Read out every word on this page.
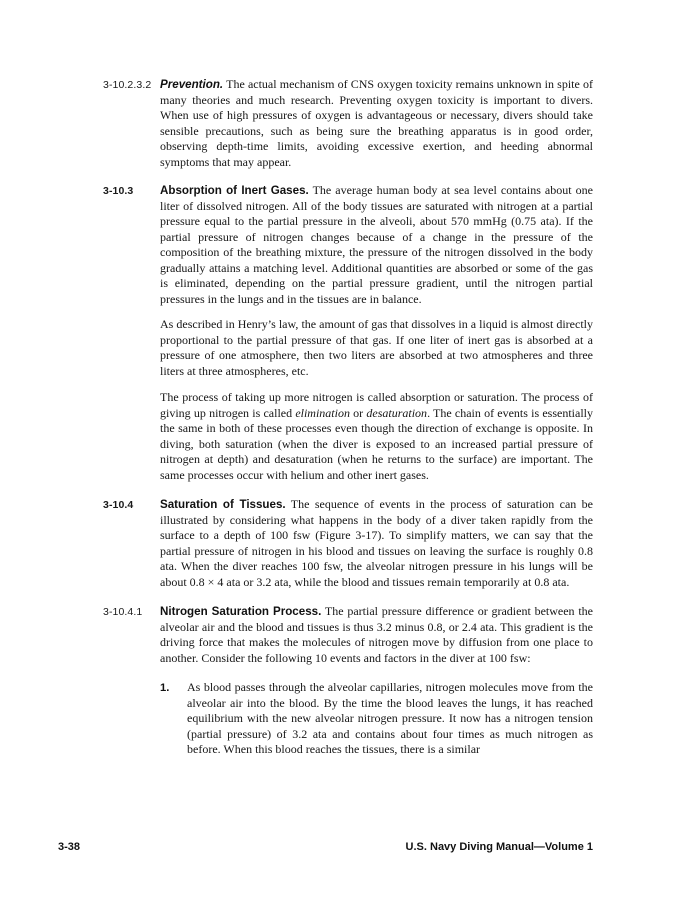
3-10.2.3.2 Prevention. The actual mechanism of CNS oxygen toxicity remains unknown in spite of many theories and much research. Preventing oxygen toxicity is important to divers. When use of high pressures of oxygen is advantageous or necessary, divers should take sensible precautions, such as being sure the breathing apparatus is in good order, observing depth-time limits, avoiding excessive exertion, and heeding abnormal symptoms that may appear.
3-10.3	Absorption of Inert Gases. The average human body at sea level contains about one liter of dissolved nitrogen. All of the body tissues are saturated with nitrogen at a partial pressure equal to the partial pressure in the alveoli, about 570 mmHg (0.75 ata). If the partial pressure of nitrogen changes because of a change in the pressure of the composition of the breathing mixture, the pressure of the nitrogen dissolved in the body gradually attains a matching level. Additional quantities are absorbed or some of the gas is eliminated, depending on the partial pressure gradient, until the nitrogen partial pressures in the lungs and in the tissues are in balance.
As described in Henry’s law, the amount of gas that dissolves in a liquid is almost directly proportional to the partial pressure of that gas. If one liter of inert gas is absorbed at a pressure of one atmosphere, then two liters are absorbed at two atmospheres and three liters at three atmospheres, etc.
The process of taking up more nitrogen is called absorption or saturation. The process of giving up nitrogen is called elimination or desaturation. The chain of events is essentially the same in both of these processes even though the direction of exchange is opposite. In diving, both saturation (when the diver is exposed to an increased partial pressure of nitrogen at depth) and desaturation (when he returns to the surface) are important. The same processes occur with helium and other inert gases.
3-10.4	Saturation of Tissues. The sequence of events in the process of saturation can be illustrated by considering what happens in the body of a diver taken rapidly from the surface to a depth of 100 fsw (Figure 3-17). To simplify matters, we can say that the partial pressure of nitrogen in his blood and tissues on leaving the surface is roughly 0.8 ata. When the diver reaches 100 fsw, the alveolar nitrogen pressure in his lungs will be about 0.8 × 4 ata or 3.2 ata, while the blood and tissues remain temporarily at 0.8 ata.
3-10.4.1	Nitrogen Saturation Process. The partial pressure difference or gradient between the alveolar air and the blood and tissues is thus 3.2 minus 0.8, or 2.4 ata. This gradient is the driving force that makes the molecules of nitrogen move by diffusion from one place to another. Consider the following 10 events and factors in the diver at 100 fsw:
1.	As blood passes through the alveolar capillaries, nitrogen molecules move from the alveolar air into the blood. By the time the blood leaves the lungs, it has reached equilibrium with the new alveolar nitrogen pressure. It now has a nitrogen tension (partial pressure) of 3.2 ata and contains about four times as much nitrogen as before. When this blood reaches the tissues, there is a similar
3-38	U.S. Navy Diving Manual—Volume 1
